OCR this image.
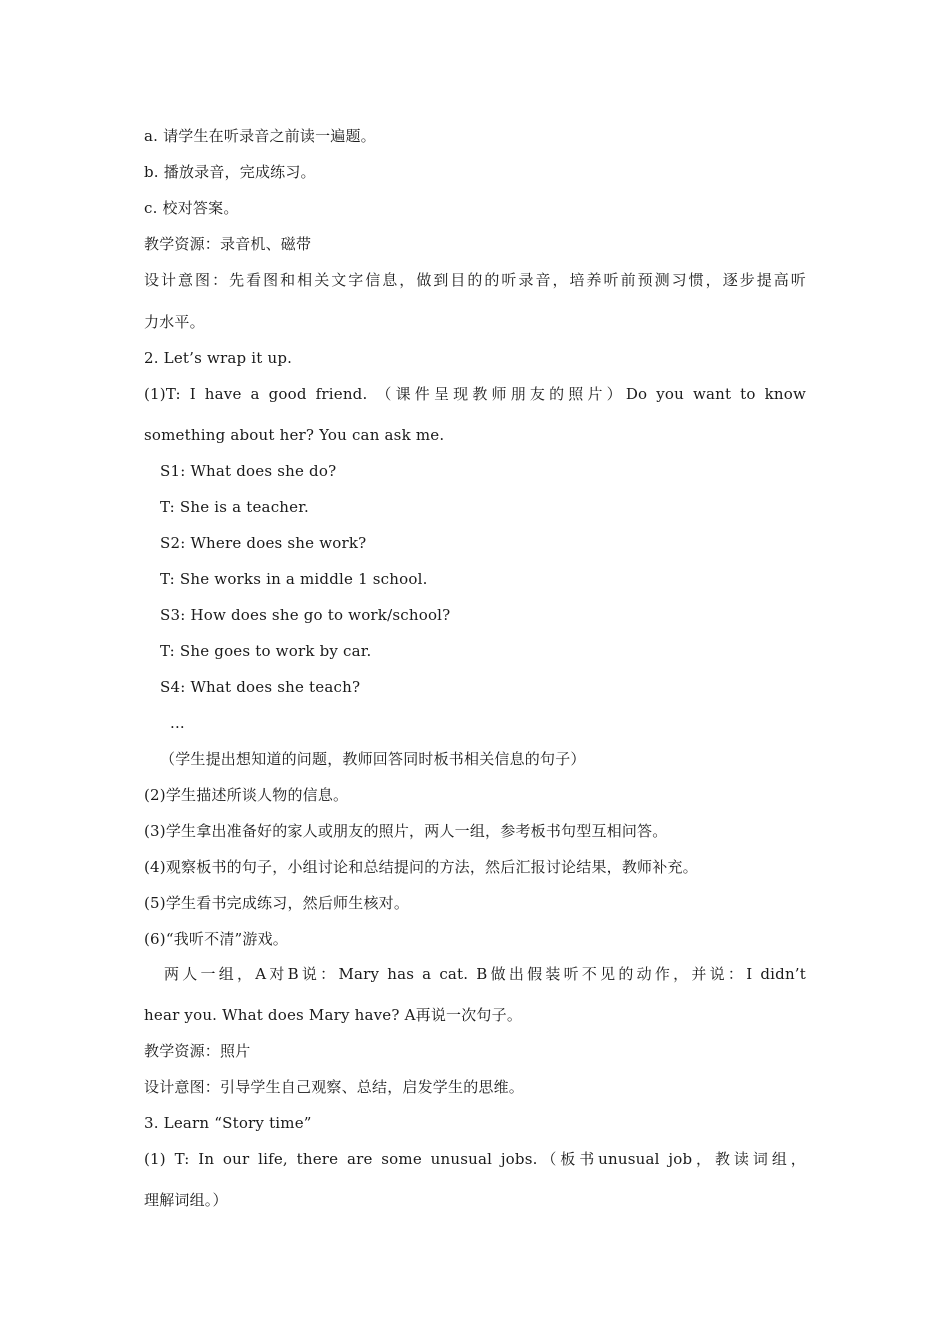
a. 请学生在听录音之前读一遍题。
b. 播放录音，完成练习。
c. 校对答案。
教学资源：录音机、磁带
设计意图：先看图和相关文字信息，做到目的的听录音，培养听前预测习惯，逐步提高听
力水平。
2. Let’s wrap it up.
(1)T: I have a good friend. （课件呈现教师朋友的照片）Do you want to know
something about her? You can ask me.
S1: What does she do?
T: She is a teacher.
S2: Where does she work?
T: She works in a middle 1 school.
S3: How does she go to work/school?
T: She goes to work by car.
S4: What does she teach?
...
（学生提出想知道的问题，教师回答同时板书相关信息的句子）
(2)学生描述所谈人物的信息。
(3)学生拿出准备好的家人或朋友的照片，两人一组，参考板书句型互相问答。
(4)观察板书的句子，小组讨论和总结提问的方法，然后汇报讨论结果，教师补充。
(5)学生看书完成练习，然后师生核对。
(6)“我听不清”游戏。
两人一组，A对B说：Mary has a cat. B做出假装听不见的动作，并说：I didn’t
hear you. What does Mary have? A再说一次句子。
教学资源：照片
设计意图：引导学生自己观察、总结，启发学生的思维。
3. Learn “Story time”
(1) T: In our life, there are some unusual jobs.（板书unusual job，教读词组，
理解词组。）
